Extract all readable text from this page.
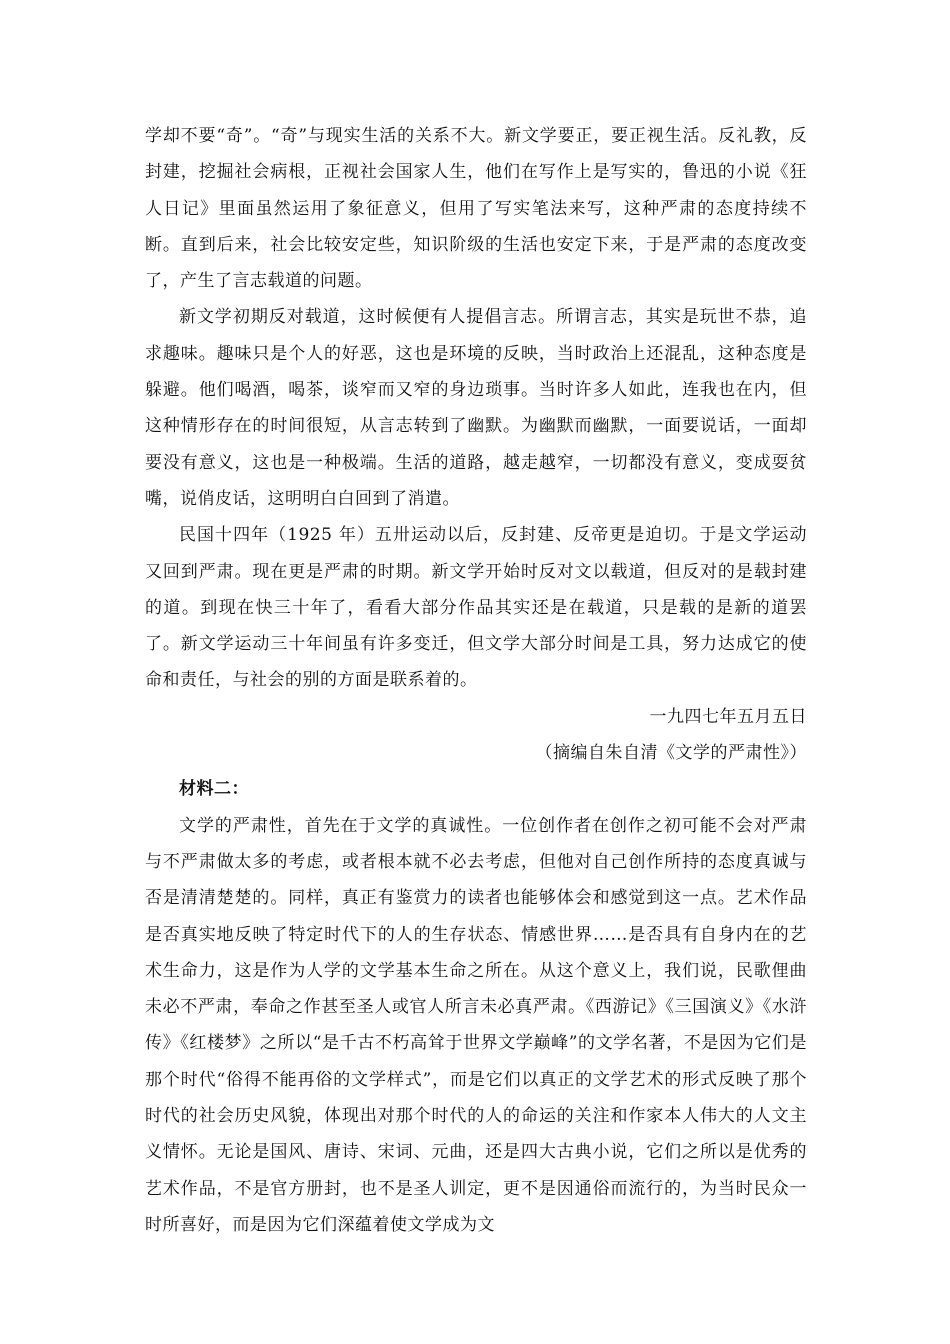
学却不要“奇”。“奇”与现实生活的关系不大。新文学要正，要正视生活。反礼教，反封建，挖掘社会病根，正视社会国家人生，他们在写作上是写实的，鲁迅的小说《狂人日记》里面虽然运用了象征意义，但用了写实笔法来写，这种严肃的态度持续不断。直到后来，社会比较安定些，知识阶级的生活也安定下来，于是严肃的态度改变了，产生了言志载道的问题。

新文学初期反对载道，这时候便有人提倡言志。所谓言志，其实是玩世不恭，追求趣味。趣味只是个人的好恶，这也是环境的反映，当时政治上还混乱，这种态度是躲避。他们喝酒，喝茶，谈窄而又窄的身边琐事。当时许多人如此，连我也在内，但这种情形存在的时间很短，从言志转到了幽默。为幽默而幽默，一面要说话，一面却要没有意义，这也是一种极端。生活的道路，越走越窄，一切都没有意义，变成耍贫嘴，说俏皮话，这明明白白回到了消遣。

民国十四年（1925 年）五卅运动以后，反封建、反帝更是迫切。于是文学运动又回到严肃。现在更是严肃的时期。新文学开始时反对文以载道，但反对的是载封建的道。到现在快三十年了，看看大部分作品其实还是在载道，只是载的是新的道罢了。新文学运动三十年间虽有许多变迁，但文学大部分时间是工具，努力达成它的使命和责任，与社会的别的方面是联系着的。

一九四七年五月五日

（摘编自朱自清《文学的严肃性》）

材料二：

文学的严肃性，首先在于文学的真诚性。一位创作者在创作之初可能不会对严肃与不严肃做太多的考虑，或者根本就不必去考虑，但他对自己创作所持的态度真诚与否是清清楚楚的。同样，真正有鉴赏力的读者也能够体会和感觉到这一点。艺术作品是否真实地反映了特定时代下的人的生存状态、情感世界……是否具有自身内在的艺术生命力，这是作为人学的文学基本生命之所在。从这个意义上，我们说，民歌俚曲未必不严肃，奉命之作甚至圣人或官人所言未必真严肃。《西游记》《三国演义》《水浒传》《红楼梦》之所以“是千古不朽高耸于世界文学巅峰”的文学名著，不是因为它们是那个时代“俗得不能再俗的文学样式”，而是它们以真正的文学艺术的形式反映了那个时代的社会历史风貌，体现出对那个时代的人的命运的关注和作家本人伟大的人文主义情怀。无论是国风、唐诗、宋词、元曲，还是四大古典小说，它们之所以是优秀的艺术作品，不是官方册封，也不是圣人训定，更不是因通俗而流行的，为当时民众一时所喜好，而是因为它们深蕴着使文学成为文
